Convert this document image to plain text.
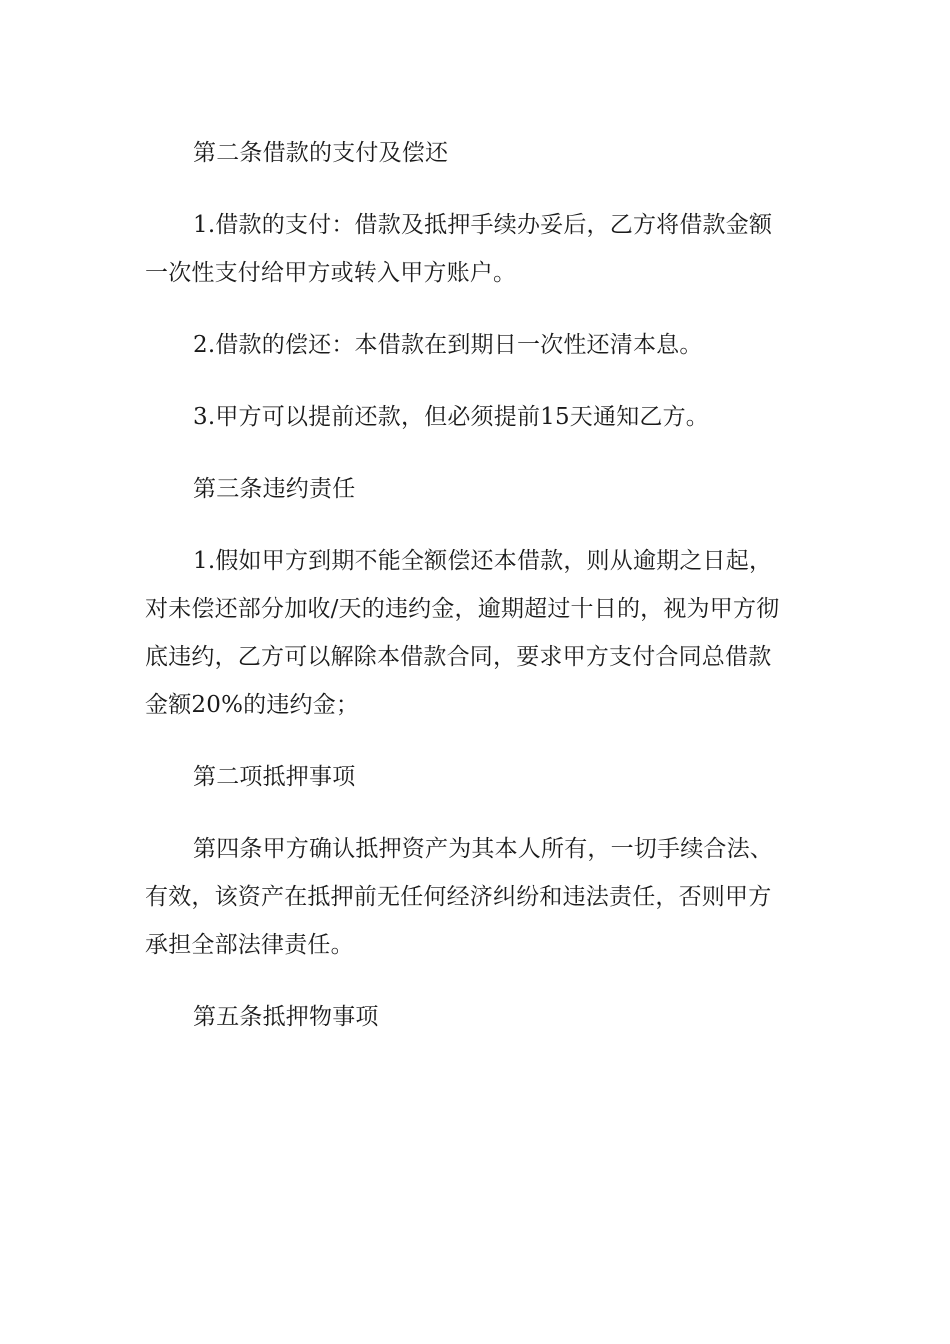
第二条借款的支付及偿还

1.借款的支付：借款及抵押手续办妥后，乙方将借款金额
一次性支付给甲方或转入甲方账户。

2.借款的偿还：本借款在到期日一次性还清本息。

3.甲方可以提前还款，但必须提前15天通知乙方。

第三条违约责任

1.假如甲方到期不能全额偿还本借款，则从逾期之日起，
对未偿还部分加收/天的违约金，逾期超过十日的，视为甲方彻
底违约，乙方可以解除本借款合同，要求甲方支付合同总借款
金额20%的违约金；

第二项抵押事项

第四条甲方确认抵押资产为其本人所有，一切手续合法、
有效，该资产在抵押前无任何经济纠纷和违法责任，否则甲方
承担全部法律责任。

第五条抵押物事项
